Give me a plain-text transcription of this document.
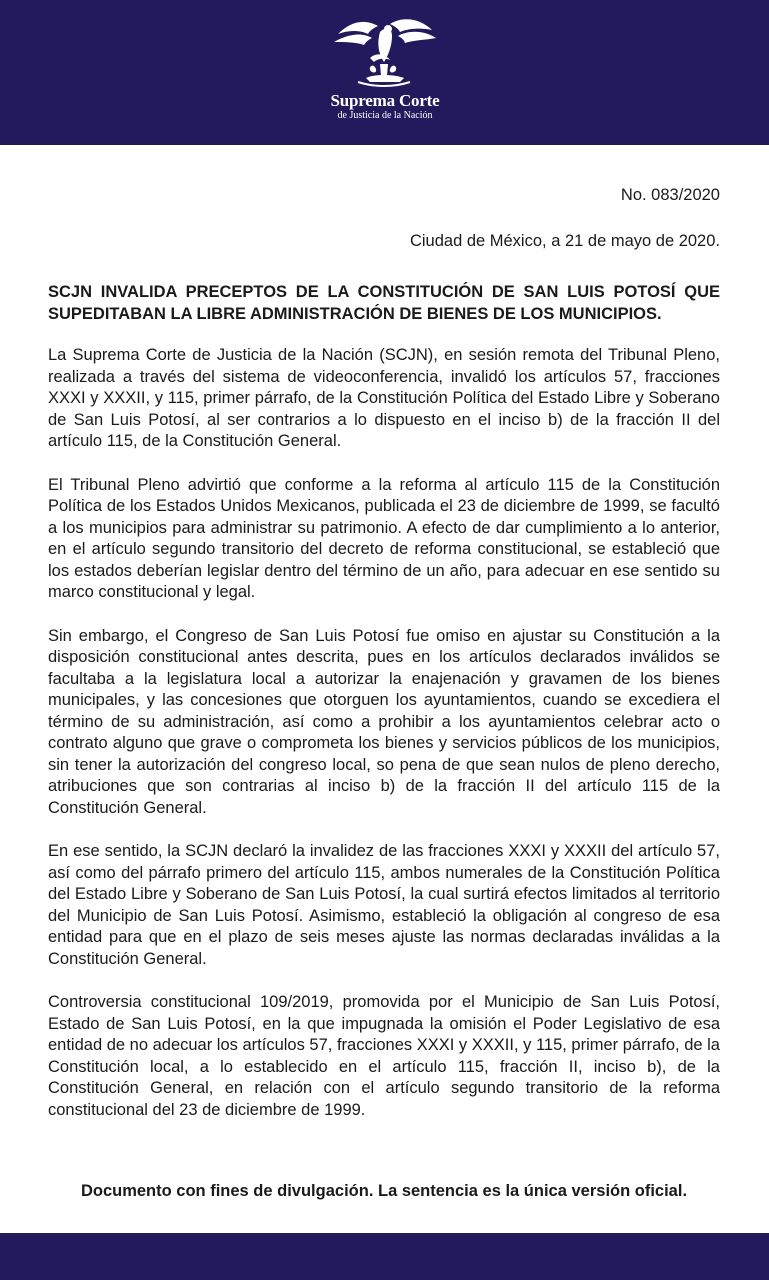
Suprema Corte
de Justicia de la Nación

No. 083/2020

Ciudad de México, a 21 de mayo de 2020.

SCJN INVALIDA PRECEPTOS DE LA CONSTITUCIÓN DE SAN LUIS POTOSÍ QUE SUPEDITABAN LA LIBRE ADMINISTRACIÓN DE BIENES DE LOS MUNICIPIOS.

La Suprema Corte de Justicia de la Nación (SCJN), en sesión remota del Tribunal Pleno, realizada a través del sistema de videoconferencia, invalidó los artículos 57, fracciones XXXI y XXXII, y 115, primer párrafo, de la Constitución Política del Estado Libre y Soberano de San Luis Potosí, al ser contrarios a lo dispuesto en el inciso b) de la fracción II del artículo 115, de la Constitución General.

El Tribunal Pleno advirtió que conforme a la reforma al artículo 115 de la Constitución Política de los Estados Unidos Mexicanos, publicada el 23 de diciembre de 1999, se facultó a los municipios para administrar su patrimonio. A efecto de dar cumplimiento a lo anterior, en el artículo segundo transitorio del decreto de reforma constitucional, se estableció que los estados deberían legislar dentro del término de un año, para adecuar en ese sentido su marco constitucional y legal.

Sin embargo, el Congreso de San Luis Potosí fue omiso en ajustar su Constitución a la disposición constitucional antes descrita, pues en los artículos declarados inválidos se facultaba a la legislatura local a autorizar la enajenación y gravamen de los bienes municipales, y las concesiones que otorguen los ayuntamientos, cuando se excediera el término de su administración, así como a prohibir a los ayuntamientos celebrar acto o contrato alguno que grave o comprometa los bienes y servicios públicos de los municipios, sin tener la autorización del congreso local, so pena de que sean nulos de pleno derecho, atribuciones que son contrarias al inciso b) de la fracción II del artículo 115 de la Constitución General.

En ese sentido, la SCJN declaró la invalidez de las fracciones XXXI y XXXII del artículo 57, así como del párrafo primero del artículo 115, ambos numerales de la Constitución Política del Estado Libre y Soberano de San Luis Potosí, la cual surtirá efectos limitados al territorio del Municipio de San Luis Potosí. Asimismo, estableció la obligación al congreso de esa entidad para que en el plazo de seis meses ajuste las normas declaradas inválidas a la Constitución General.

Controversia constitucional 109/2019, promovida por el Municipio de San Luis Potosí, Estado de San Luis Potosí, en la que impugnada la omisión el Poder Legislativo de esa entidad de no adecuar los artículos 57, fracciones XXXI y XXXII, y 115, primer párrafo, de la Constitución local, a lo establecido en el artículo 115, fracción II, inciso b), de la Constitución General, en relación con el artículo segundo transitorio de la reforma constitucional del 23 de diciembre de 1999.

Documento con fines de divulgación. La sentencia es la única versión oficial.
